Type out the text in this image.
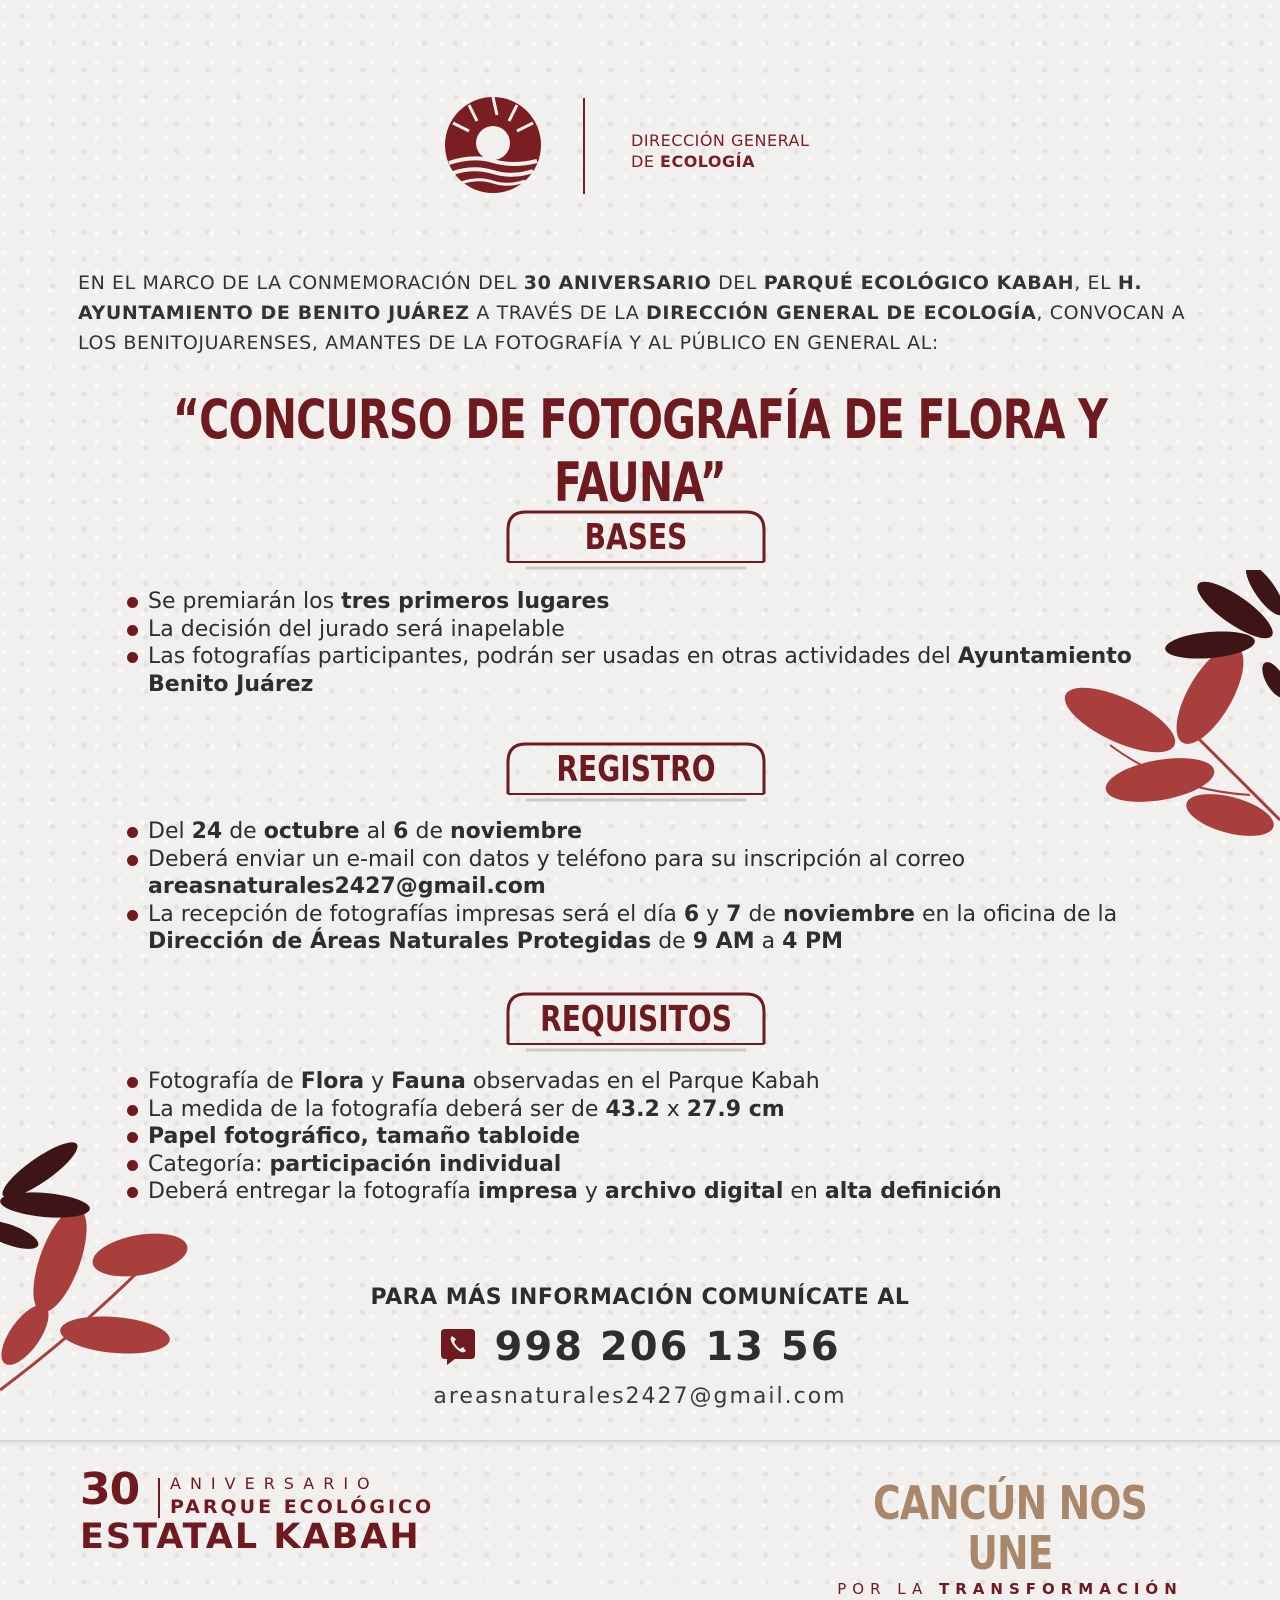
DIRECCIÓN GENERAL
DE ECOLOGÍA
EN EL MARCO DE LA CONMEMORACIÓN DEL 30 ANIVERSARIO DEL PARQUÉ ECOLÓGICO KABAH, EL H. AYUNTAMIENTO DE BENITO JUÁREZ A TRAVÉS DE LA DIRECCIÓN GENERAL DE ECOLOGÍA, CONVOCAN A LOS BENITOJUARENSES, AMANTES DE LA FOTOGRAFÍA Y AL PÚBLICO EN GENERAL AL:
“CONCURSO DE FOTOGRAFÍA DE FLORA Y FAUNA”
BASES
Se premiarán los tres primeros lugares
La decisión del jurado será inapelable
Las fotografías participantes, podrán ser usadas en otras actividades del Ayuntamiento Benito Juárez
REGISTRO
Del 24 de octubre al 6 de noviembre
Deberá enviar un e-mail con datos y teléfono para su inscripción al correo areasnaturales2427@gmail.com
La recepción de fotografías impresas será el día 6 y 7 de noviembre en la oficina de la Dirección de Áreas Naturales Protegidas de 9 AM a 4 PM
REQUISITOS
Fotografía de Flora y Fauna observadas en el Parque Kabah
La medida de la fotografía deberá ser de 43.2 x 27.9 cm
Papel fotográfico, tamaño tabloide
Categoría: participación individual
Deberá entregar la fotografía impresa y archivo digital en alta definición
PARA MÁS INFORMACIÓN COMUNÍCATE AL
998 206 13 56
areasnaturales2427@gmail.com
30 ANIVERSARIO
PARQUE ECOLÓGICO
ESTATAL KABAH
CANCÚN NOS UNE
POR LA TRANSFORMACIÓN
